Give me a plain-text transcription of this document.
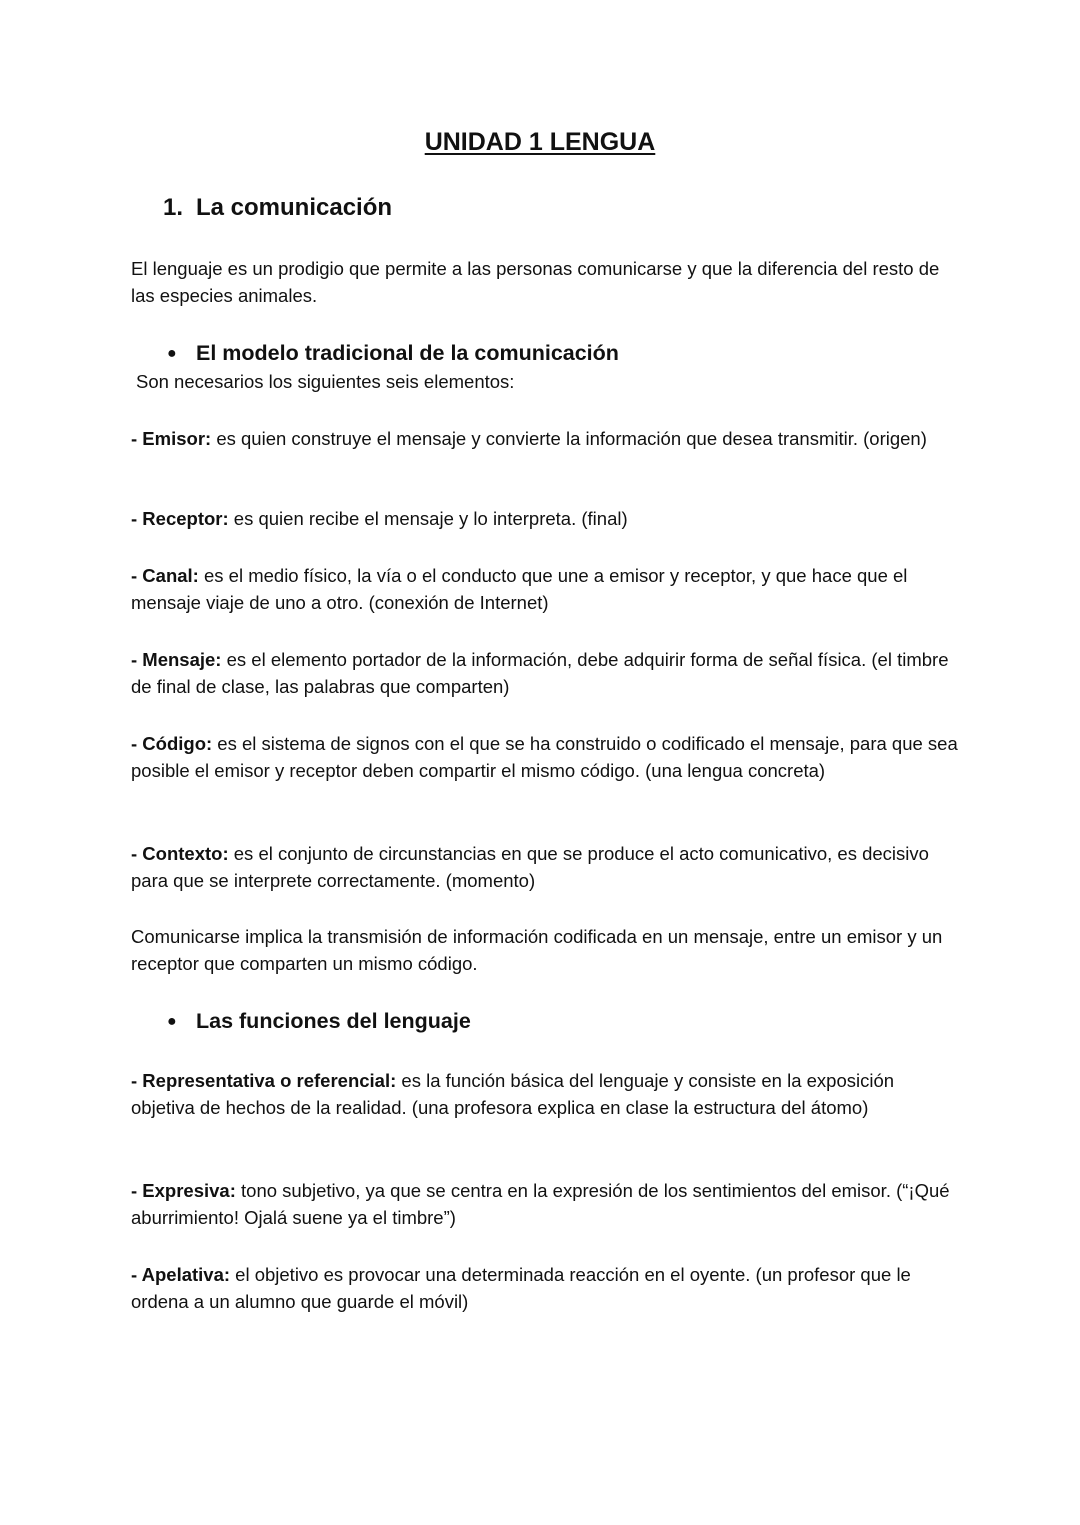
UNIDAD 1 LENGUA
1. La comunicación

El lenguaje es un prodigio que permite a las personas comunicarse y que la diferencia del resto de las especies animales.

● El modelo tradicional de la comunicación

Son necesarios los siguientes seis elementos:

- Emisor: es quien construye el mensaje y convierte la información que desea transmitir. (origen)

- Receptor: es quien recibe el mensaje y lo interpreta. (final)

- Canal: es el medio físico, la vía o el conducto que une a emisor y receptor, y que hace que el mensaje viaje de uno a otro. (conexión de Internet)

- Mensaje: es el elemento portador de la información, debe adquirir forma de señal física. (el timbre de final de clase, las palabras que comparten)

- Código: es el sistema de signos con el que se ha construido o codificado el mensaje, para que sea posible el emisor y receptor deben compartir el mismo código. (una lengua concreta)

- Contexto: es el conjunto de circunstancias en que se produce el acto comunicativo, es decisivo para que se interprete correctamente. (momento)

Comunicarse implica la transmisión de información codificada en un mensaje, entre un emisor y un receptor que comparten un mismo código.

● Las funciones del lenguaje

- Representativa o referencial: es la función básica del lenguaje y consiste en la exposición objetiva de hechos de la realidad. (una profesora explica en clase la estructura del átomo)

- Expresiva: tono subjetivo, ya que se centra en la expresión de los sentimientos del emisor. (“¡Qué aburrimiento! Ojalá suene ya el timbre”)

- Apelativa: el objetivo es provocar una determinada reacción en el oyente. (un profesor que le ordena a un alumno que guarde el móvil)
